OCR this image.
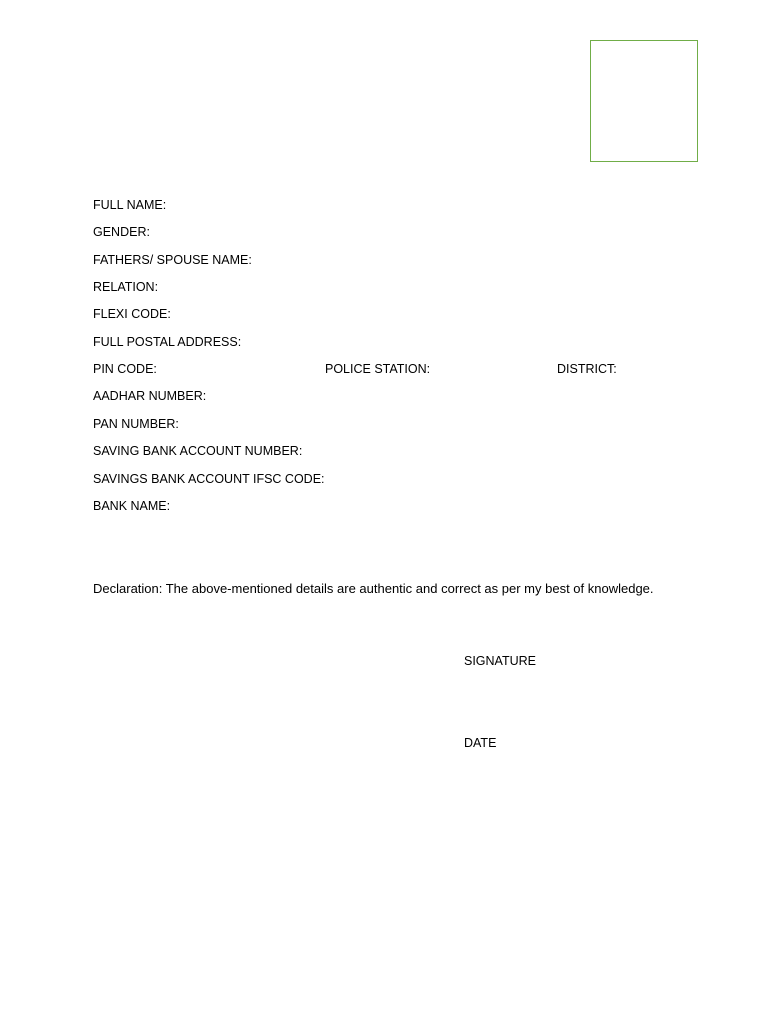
FULL NAME:
GENDER:
FATHERS/ SPOUSE NAME:
RELATION:
FLEXI CODE:
FULL POSTAL ADDRESS:
PIN CODE:	POLICE STATION:	DISTRICT:
AADHAR NUMBER:
PAN NUMBER:
SAVING BANK ACCOUNT NUMBER:
SAVINGS BANK ACCOUNT IFSC CODE:
BANK NAME:
Declaration: The above-mentioned details are authentic and correct as per my best of knowledge.
SIGNATURE
DATE
